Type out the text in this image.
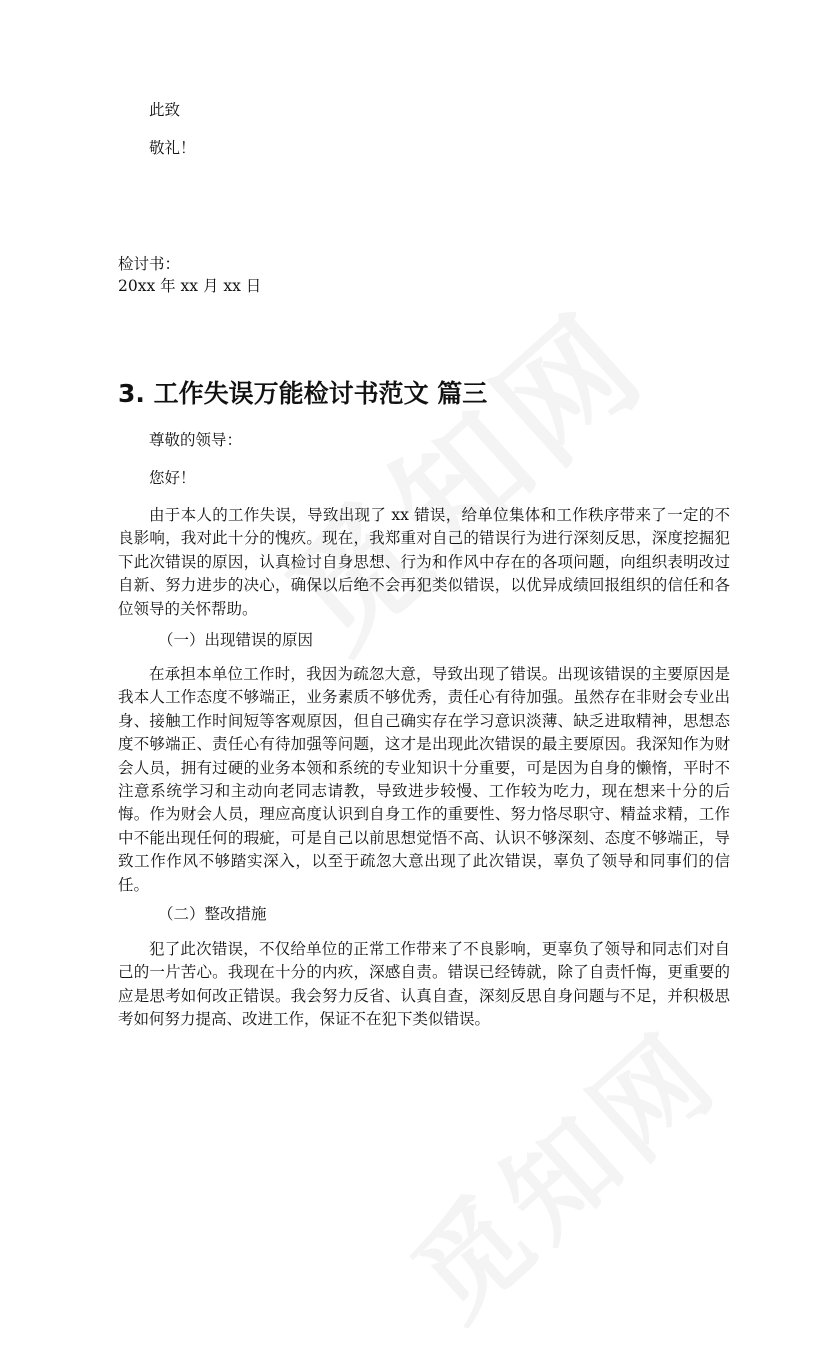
此致
敬礼！
检讨书：
20xx 年 xx 月 xx 日
3. 工作失误万能检讨书范文 篇三
尊敬的领导：
您好！

由于本人的工作失误，导致出现了 xx 错误，给单位集体和工作秩序带来了一定的不良影响，我对此十分的愧疚。现在，我郑重对自己的错误行为进行深刻反思，深度挖掘犯下此次错误的原因，认真检讨自身思想、行为和作风中存在的各项问题，向组织表明改过自新、努力进步的决心，确保以后绝不会再犯类似错误，以优异成绩回报组织的信任和各位领导的关怀帮助。

（一）出现错误的原因

在承担本单位工作时，我因为疏忽大意，导致出现了错误。出现该错误的主要原因是我本人工作态度不够端正，业务素质不够优秀，责任心有待加强。虽然存在非财会专业出身、接触工作时间短等客观原因，但自己确实存在学习意识淡薄、缺乏进取精神，思想态度不够端正、责任心有待加强等问题，这才是出现此次错误的最主要原因。我深知作为财会人员，拥有过硬的业务本领和系统的专业知识十分重要，可是因为自身的懒惰，平时不注意系统学习和主动向老同志请教，导致进步较慢、工作较为吃力，现在想来十分的后悔。作为财会人员，理应高度认识到自身工作的重要性、努力恪尽职守、精益求精，工作中不能出现任何的瑕疵，可是自己以前思想觉悟不高、认识不够深刻、态度不够端正，导致工作作风不够踏实深入，以至于疏忽大意出现了此次错误，辜负了领导和同事们的信任。

（二）整改措施

犯了此次错误，不仅给单位的正常工作带来了不良影响，更辜负了领导和同志们对自己的一片苦心。我现在十分的内疚，深感自责。错误已经铸就，除了自责忏悔，更重要的应是思考如何改正错误。我会努力反省、认真自查，深刻反思自身问题与不足，并积极思考如何努力提高、改进工作，保证不在犯下类似错误。
